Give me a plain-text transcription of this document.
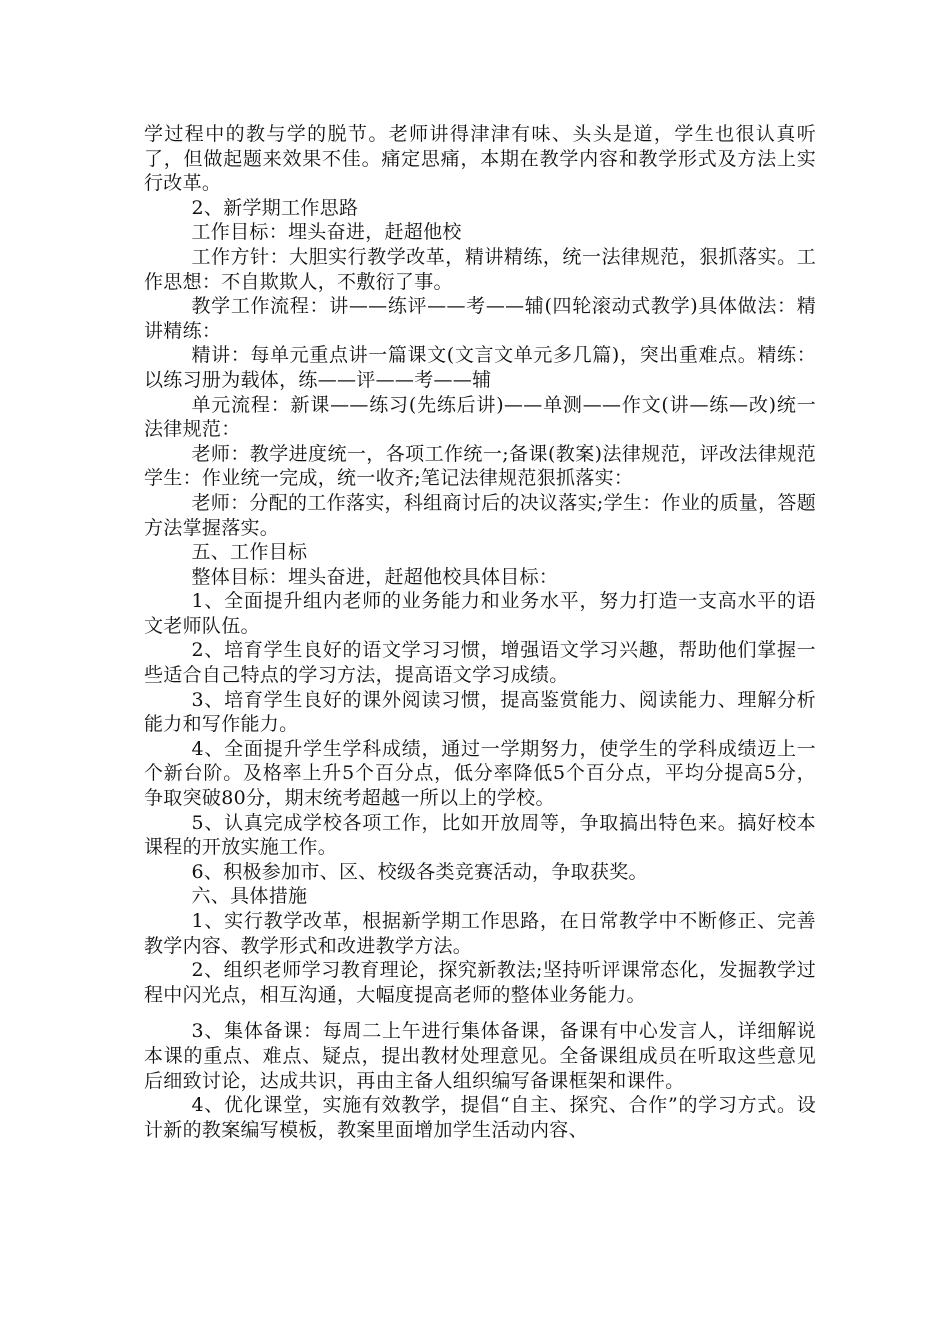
学过程中的教与学的脱节。老师讲得津津有味、头头是道，学生也很认真听了，但做起题来效果不佳。痛定思痛，本期在教学内容和教学形式及方法上实行改革。

2、新学期工作思路

工作目标：埋头奋进，赶超他校

工作方针：大胆实行教学改革，精讲精练，统一法律规范，狠抓落实。工作思想：不自欺欺人，不敷衍了事。

教学工作流程：讲——练评——考——辅(四轮滚动式教学)具体做法：精讲精练：

精讲：每单元重点讲一篇课文(文言文单元多几篇)，突出重难点。精练：以练习册为载体，练——评——考——辅

单元流程：新课——练习(先练后讲)——单测——作文(讲—练—改)统一法律规范：

老师：教学进度统一，各项工作统一;备课(教案)法律规范，评改法律规范学生：作业统一完成，统一收齐;笔记法律规范狠抓落实：

老师：分配的工作落实，科组商讨后的决议落实;学生：作业的质量，答题方法掌握落实。

五、工作目标

整体目标：埋头奋进，赶超他校具体目标：

1、全面提升组内老师的业务能力和业务水平，努力打造一支高水平的语文老师队伍。

2、培育学生良好的语文学习习惯，增强语文学习兴趣，帮助他们掌握一些适合自己特点的学习方法，提高语文学习成绩。

3、培育学生良好的课外阅读习惯，提高鉴赏能力、阅读能力、理解分析能力和写作能力。

4、全面提升学生学科成绩，通过一学期努力，使学生的学科成绩迈上一个新台阶。及格率上升5个百分点，低分率降低5个百分点，平均分提高5分，争取突破80分，期末统考超越一所以上的学校。

5、认真完成学校各项工作，比如开放周等，争取搞出特色来。搞好校本课程的开放实施工作。

6、积极参加市、区、校级各类竞赛活动，争取获奖。

六、具体措施

1、实行教学改革，根据新学期工作思路，在日常教学中不断修正、完善教学内容、教学形式和改进教学方法。

2、组织老师学习教育理论，探究新教法;坚持听评课常态化，发掘教学过程中闪光点，相互沟通，大幅度提高老师的整体业务能力。

3、集体备课：每周二上午进行集体备课，备课有中心发言人，详细解说本课的重点、难点、疑点，提出教材处理意见。全备课组成员在听取这些意见后细致讨论，达成共识，再由主备人组织编写备课框架和课件。

4、优化课堂，实施有效教学，提倡“自主、探究、合作”的学习方式。设计新的教案编写模板，教案里面增加学生活动内容、
